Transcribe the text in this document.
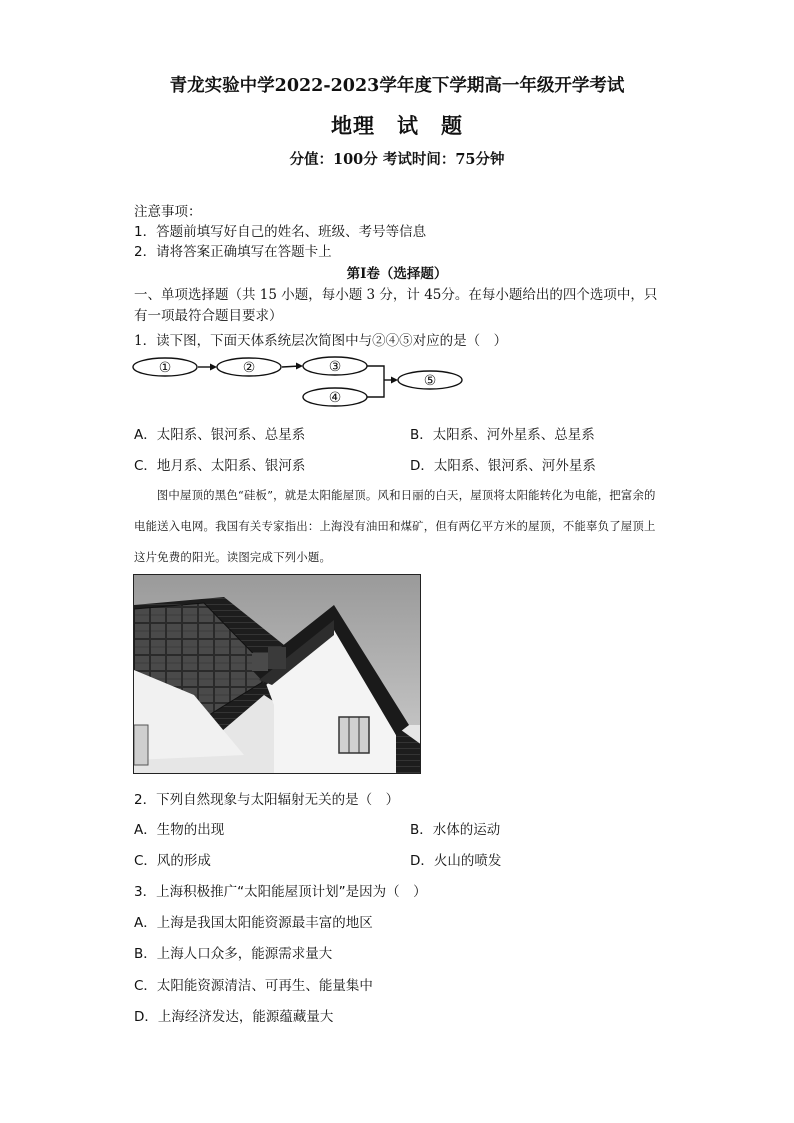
青龙实验中学2022-2023学年度下学期高一年级开学考试
地理　试　题
分值：100分 考试时间：75分钟
注意事项：
1．答题前填写好自己的姓名、班级、考号等信息
2．请将答案正确填写在答题卡上
第I卷（选择题）
一、单项选择题（共 15 小题，每小题 3 分，计 45分。在每小题给出的四个选项中，只
有一项最符合题目要求）
1．读下图，下面天体系统层次简图中与②④⑤对应的是（　）
①	②	③
④
⑤
A．太阳系、银河系、总星系	B．太阳系、河外星系、总星系
C．地月系、太阳系、银河系	D．太阳系、银河系、河外星系

图中屋顶的黑色“硅板”，就是太阳能屋顶。风和日丽的白天，屋顶将太阳能转化为电能，把富余的电能送入电网。我国有关专家指出：上海没有油田和煤矿，但有两亿平方米的屋顶，不能辜负了屋顶上这片免费的阳光。读图完成下列小题。

2．下列自然现象与太阳辐射无关的是（　）
A．生物的出现	B．水体的运动
C．风的形成	D．火山的喷发
3．上海积极推广“太阳能屋顶计划”是因为（　）
A．上海是我国太阳能资源最丰富的地区
B．上海人口众多，能源需求量大
C．太阳能资源清洁、可再生、能量集中
D．上海经济发达，能源蕴藏量大
